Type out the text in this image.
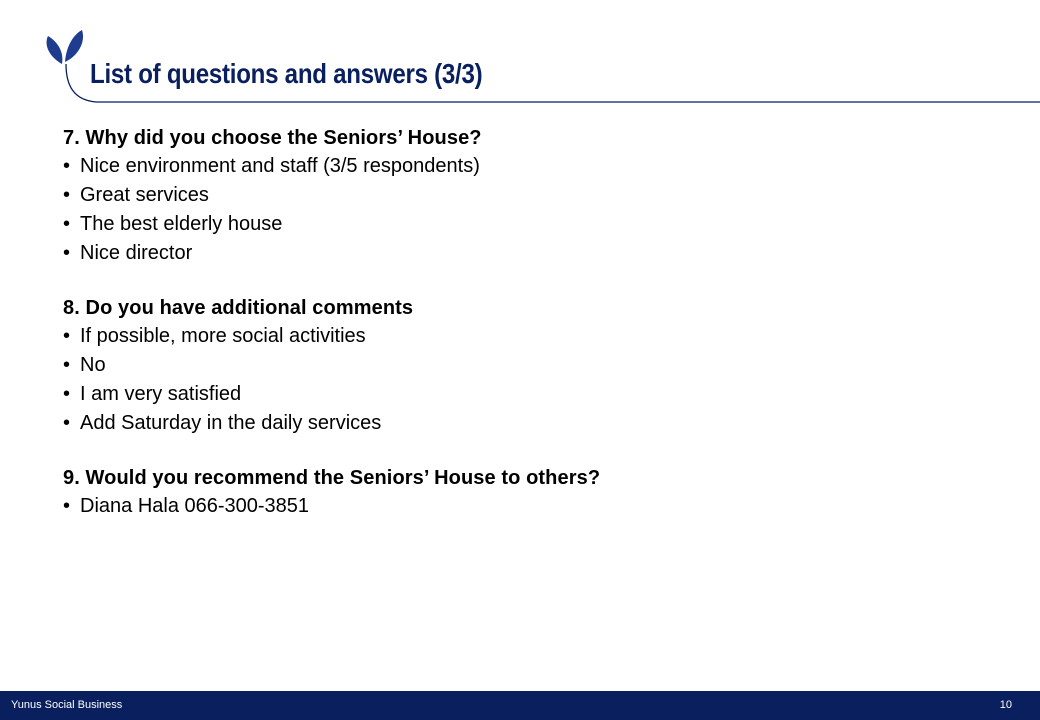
List of questions and answers (3/3)
7. Why did you choose the Seniors’ House?
• Nice environment and staff (3/5 respondents)
• Great services
• The best elderly house
• Nice director
8. Do you have additional comments
• If possible, more social activities
• No
• I am very satisfied
• Add Saturday in the daily services
9. Would you recommend the Seniors’ House to others?
• Diana Hala 066-300-3851
Yunus Social Business	10
